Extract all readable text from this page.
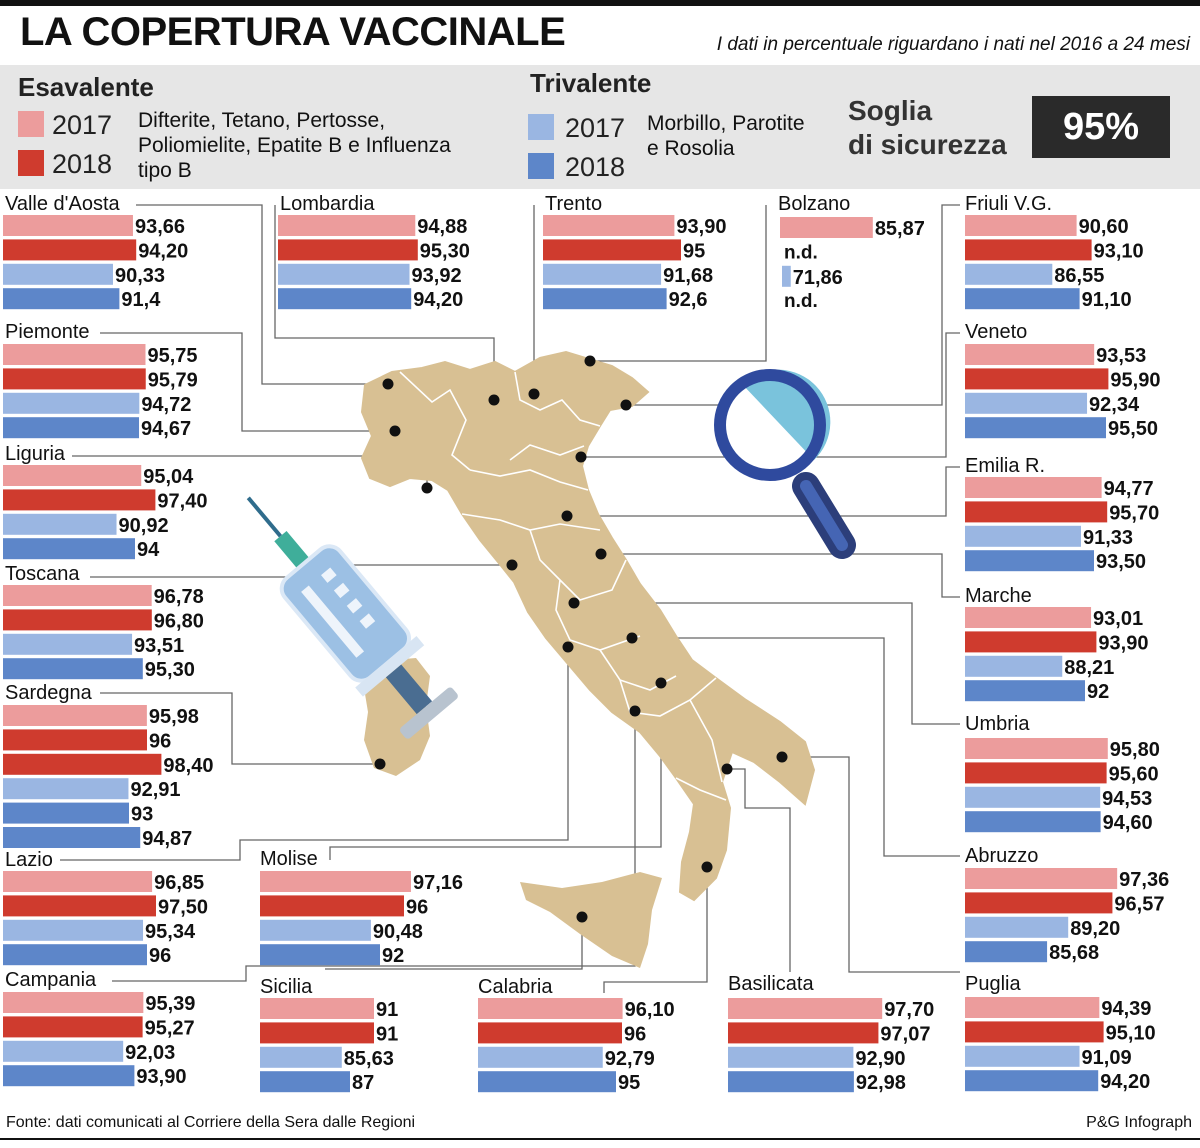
LA COPERTURA VACCINALE	I dati in percentuale riguardano i nati nel 2016 a 24 mesi
Esavalente
2017
2018
Difterite, Tetano, Pertosse,
Poliomielite, Epatite B e Influenza
tipo B
Trivalente
2017
2018
Morbillo, Parotite
e Rosolia
Soglia
di sicurezza	95%
Valle d'Aosta
93,66
94,20
90,33
91,4
Lombardia
94,88
95,30
93,92
94,20
Trento
93,90
95
91,68
92,6
Bolzano
85,87
n.d.
71,86
n.d.
Friuli V.G.
90,60
93,10
86,55
91,10
Piemonte
95,75
95,79
94,72
94,67
Veneto
93,53
95,90
92,34
95,50
Liguria
95,04
97,40
90,92
94
Emilia R.
94,77
95,70
91,33
93,50
Toscana
96,78
96,80
93,51
95,30
Marche
93,01
93,90
88,21
92
Sardegna
95,98
96
98,40
92,91
93
94,87
Umbria
95,80
95,60
94,53
94,60
Lazio
96,85
97,50
95,34
96
Molise
97,16
96
90,48
92
Abruzzo
97,36
96,57
89,20
85,68
Campania
95,39
95,27
92,03
93,90
Sicilia
91
91
85,63
87
Calabria
96,10
96
92,79
95
Basilicata
97,70
97,07
92,90
92,98
Puglia
94,39
95,10
91,09
94,20
Fonte: dati comunicati al Corriere della Sera dalle Regioni	P&G Infograph
